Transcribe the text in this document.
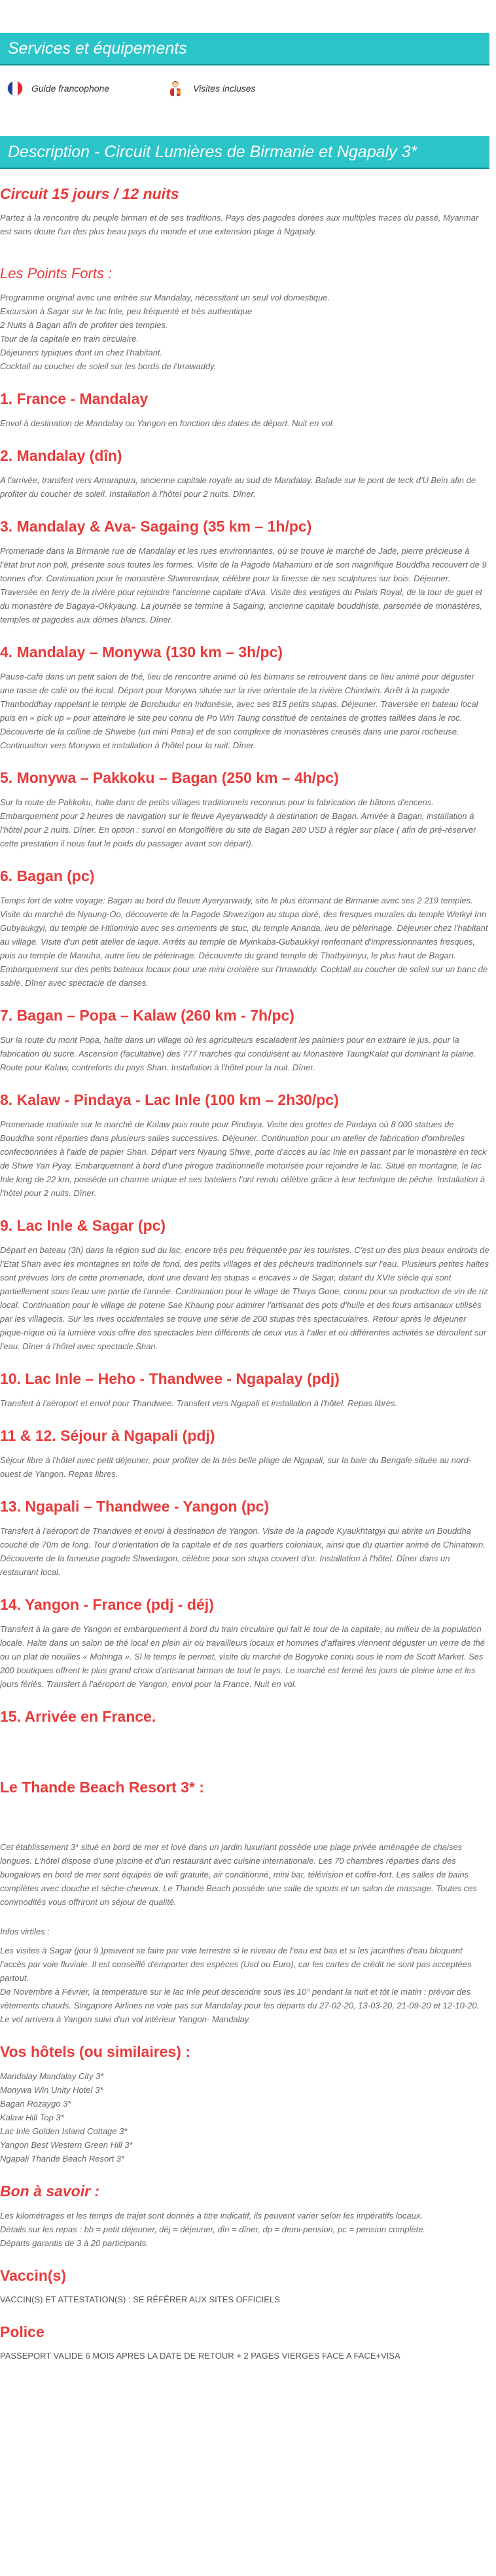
Services et équipements
Guide francophone	Visites incluses
Description - Circuit Lumières de Birmanie et Ngapaly 3*
Circuit 15 jours / 12 nuits
Partez à la rencontre du peuple birman et de ses traditions. Pays des pagodes dorées aux multiples traces du passé, Myanmar est sans doute l'un des plus beau pays du monde et une extension plage à Ngapaly.
Les Points Forts :
Programme original avec une entrée sur Mandalay, nécessitant un seul vol domestique.
Excursion à Sagar sur le lac Inle, peu fréquenté et très authentique
2 Nuits à Bagan afin de profiter des temples.
Tour de la capitale en train circulaire.
Déjeuners typiques dont un chez l'habitant.
Cocktail au coucher de soleil sur les bords de l'Irrawaddy.
1. France - Mandalay
Envol à destination de Mandalay ou Yangon en fonction des dates de départ. Nuit en vol.
2. Mandalay (dîn)
A l'arrivée, transfert vers Amarapura, ancienne capitale royale au sud de Mandalay. Balade sur le pont de teck d'U Bein afin de profiter du coucher de soleil. Installation à l'hôtel pour 2 nuits. Dîner.
3. Mandalay & Ava- Sagaing (35 km – 1h/pc)
Promenade dans la Birmanie rue de Mandalay et les rues environnantes, où se trouve le marché de Jade, pierre précieuse à l'état brut non poli, présente sous toutes les formes. Visite de la Pagode Mahamuni et de son magnifique Bouddha recouvert de 9 tonnes d'or. Continuation pour le monastère Shwenandaw, célèbre pour la finesse de ses sculptures sur bois. Déjeuner. Traversée en ferry de la rivière pour rejoindre l'ancienne capitale d'Ava. Visite des vestiges du Palais Royal, de la tour de guet et du monastère de Bagaya-Okkyaung. La journée se termine à Sagaing, ancienne capitale bouddhiste, parsemée de monastères, temples et pagodes aux dômes blancs. Dîner.
4. Mandalay – Monywa (130 km – 3h/pc)
Pause-café dans un petit salon de thé, lieu de rencontre animé où les birmans se retrouvent dans ce lieu animé pour déguster une tasse de café ou thé local. Départ pour Monywa située sur la rive orientale de la rivière Chindwin. Arrêt à la pagode Thanboddhay rappelant le temple de Borobudur en Indonésie, avec ses 815 petits stupas. Déjeuner. Traversée en bateau local puis en « pick up » pour atteindre le site peu connu de Po Win Taung constitué de centaines de grottes taillées dans le roc. Découverte de la colline de Shwebe (un mini Petra) et de son complexe de monastères creusés dans une paroi rocheuse. Continuation vers Monywa et installation à l'hôtel pour la nuit. Dîner.
5. Monywa – Pakkoku – Bagan (250 km – 4h/pc)
Sur la route de Pakkoku, halte dans de petits villages traditionnels reconnus pour la fabrication de bâtons d'encens. Embarquement pour 2 heures de navigation sur le fleuve Ayeyarwaddy à destination de Bagan. Arrivée à Bagan, installation à l'hôtel pour 2 nuits. Dîner. En option : survol en Mongolfière du site de Bagan 280 USD à régler sur place ( afin de pré-réserver cette prestation il nous faut le poids du passager avant son départ).
6. Bagan (pc)
Temps fort de votre voyage: Bagan au bord du fleuve Ayeryarwady, site le plus étonnant de Birmanie avec ses 2 219 temples. Visite du marché de Nyaung-Oo, découverte de la Pagode Shwezigon au stupa doré, des fresques murales du temple Wetkyi Inn Gubyaukgyi, du temple de Htilominlo avec ses ornements de stuc, du temple Ananda, lieu de pèlerinage. Déjeuner chez l'habitant au village. Visite d'un petit atelier de laque. Arrêts au temple de Myinkaba-Gubaukkyi renfermant d'impressionnantes fresques, puis au temple de Manuha, autre lieu de pèlerinage. Découverte du grand temple de Thatbyinnyu, le plus haut de Bagan. Embarquement sur des petits bateaux locaux pour une mini croisière sur l'Irrawaddy. Cocktail au coucher de soleil sur un banc de sable. Dîner avec spectacle de danses.
7. Bagan – Popa – Kalaw (260 km - 7h/pc)
Sur la route du mont Popa, halte dans un village où les agriculteurs escaladent les palmiers pour en extraire le jus, pour la fabrication du sucre. Ascension (facultative) des 777 marches qui conduisent au Monastère TaungKalat qui dominant la plaine. Route pour Kalaw, contreforts du pays Shan. Installation à l'hôtel pour la nuit. Dîner.
8. Kalaw - Pindaya - Lac Inle (100 km – 2h30/pc)
Promenade matinale sur le marché de Kalaw puis route pour Pindaya. Visite des grottes de Pindaya où 8 000 statues de Bouddha sont réparties dans plusieurs salles successives. Déjeuner. Continuation pour un atelier de fabrication d'ombrelles confectionnées à l'aide de papier Shan. Départ vers Nyaung Shwe, porte d'accès au lac Inle en passant par le monastère en teck de Shwe Yan Pyay. Embarquement à bord d'une pirogue traditionnelle motorisée pour rejoindre le lac. Situé en montagne, le lac Inle long de 22 km, possède un charme unique et ses bateliers l'ont rendu célèbre grâce à leur technique de pêche. Installation à l'hôtel pour 2 nuits. Dîner.
9. Lac Inle & Sagar (pc)
Départ en bateau (3h) dans la région sud du lac, encore très peu fréquentée par les touristes. C'est un des plus beaux endroits de l'Etat Shan avec les montagnes en toile de fond, des petits villages et des pêcheurs traditionnels sur l'eau. Plusieurs petites haltes sont prévues lors de cette promenade, dont une devant les stupas « encavés » de Sagar, datant du XVIe siècle qui sont partiellement sous l'eau une partie de l'année. Continuation pour le village de Thaya Gone, connu pour sa production de vin de riz local. Continuation pour le village de poterie Sae Khaung pour admirer l'artisanat des pots d'huile et des fours artisanaux utilisés par les villageois. Sur les rives occidentales se trouve une série de 200 stupas très spectaculaires. Retour après le déjeuner pique-nique où la lumière vous offre des spectacles bien différents de ceux vus à l'aller et où différentes activités se déroulent sur l'eau. Dîner à l'hôtel avec spectacle Shan.
10. Lac Inle – Heho - Thandwee - Ngapalay (pdj)
Transfert à l'aéroport et envol pour Thandwee. Transfert vers Ngapali et installation à l'hôtel. Repas libres.
11 & 12. Séjour à Ngapali (pdj)
Séjour libre à l'hôtel avec petit déjeuner, pour profiter de la très belle plage de Ngapali, sur la baie du Bengale située au nord-ouest de Yangon. Repas libres.
13. Ngapali – Thandwee - Yangon (pc)
Transfert à l'aéroport de Thandwee et envol à destination de Yangon. Visite de la pagode Kyaukhtatgyi qui abrite un Bouddha couché de 70m de long. Tour d'orientation de la capitale et de ses quartiers coloniaux, ainsi que du quartier animé de Chinatown. Découverte de la fameuse pagode Shwedagon, célèbre pour son stupa couvert d'or. Installation à l'hôtel. Dîner dans un restaurant local.
14. Yangon - France (pdj - déj)
Transfert à la gare de Yangon et embarquement à bord du train circulaire qui fait le tour de la capitale, au milieu de la population locale. Halte dans un salon de thé local en plein air où travailleurs locaux et hommes d'affaires viennent déguster un verre de thé ou un plat de nouilles « Mohinga ». Si le temps le permet, visite du marché de Bogyoke connu sous le nom de Scott Market. Ses 200 boutiques offrent le plus grand choix d'artisanat birman de tout le pays. Le marché est fermé les jours de pleine lune et les jours fériés. Transfert à l'aéroport de Yangon, envol pour la France. Nuit en vol.
15. Arrivée en France.
Le Thande Beach Resort 3* :
Cet établissement 3* situé en bord de mer et lové dans un jardin luxuriant possède une plage privée aménagée de chaises longues. L'hôtel dispose d'une piscine et d'un restaurant avec cuisine internationale. Les 70 chambres réparties dans des bungalows en bord de mer sont équipés de wifi gratuite, air conditionné, mini bar, télévision et coffre-fort. Les salles de bains complètes avec douche et sèche-cheveux. Le Thande Beach possède une salle de sports et un salon de massage. Toutes ces commodités vous offriront un séjour de qualité.
Infos virtiles :
Les visites à Sagar (jour 9 )peuvent se faire par voie terrestre si le niveau de l'eau est bas et si les jacinthes d'eau bloquent l'accès par voie fluviale. Il est conseillé d'emporter des espèces (Usd ou Euro), car les cartes de crédit ne sont pas acceptées partout.
De Novembre à Février, la température sur le lac Inle peut descendre sous les 10° pendant la nuit et tôt le matin : prévoir des vêtements chauds. Singapore Airlines ne vole pas sur Mandalay pour les départs du 27-02-20, 13-03-20, 21-09-20 et 12-10-20. Le vol arrivera à Yangon suivi d'un vol intérieur Yangon- Mandalay.
Vos hôtels (ou similaires) :
Mandalay Mandalay City 3*
Monywa Win Unity Hotel 3*
Bagan Rozaygo 3*
Kalaw Hill Top 3*
Lac Inle Golden Island Cottage 3*
Yangon Best Western Green Hill 3*
Ngapali Thande Beach Resort 3*
Bon à savoir :
Les kilométrages et les temps de trajet sont donnés à titre indicatif, ils peuvent varier selon les impératifs locaux.
Détails sur les repas : bb = petit déjeuner, déj = déjeuner, dîn = dîner, dp = demi-pension, pc = pension complète.
Départs garantis de 3 à 20 participants.
Vaccin(s)
VACCIN(S) ET ATTESTATION(S) : SE RÉFÉRER AUX SITES OFFICIELS
Police
PASSEPORT VALIDE 6 MOIS APRES LA DATE DE RETOUR + 2 PAGES VIERGES FACE A FACE+VISA
